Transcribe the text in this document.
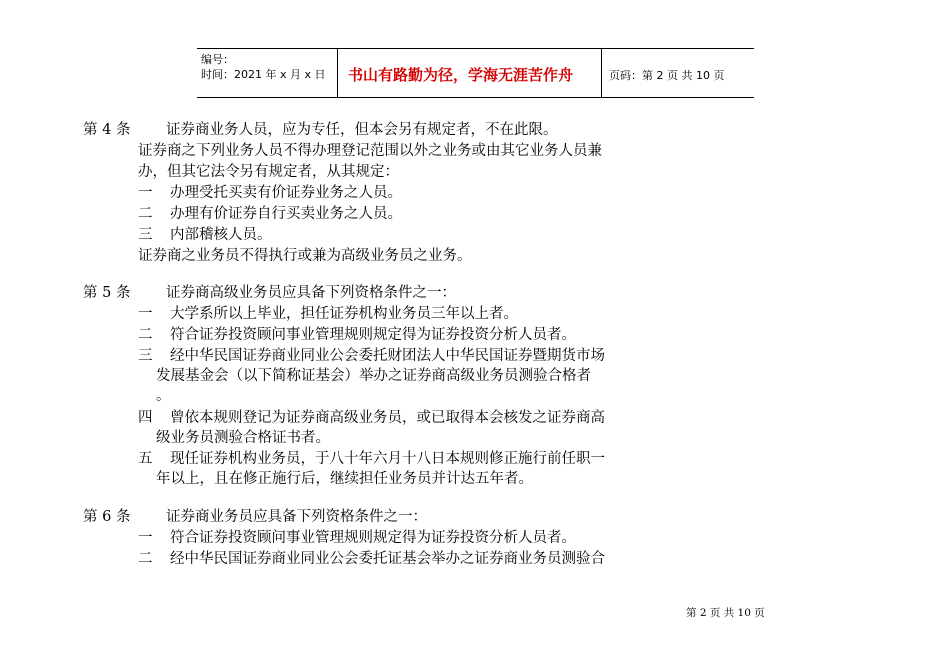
编号：
时间：2021 年 x 月 x 日 书山有路勤为径，学海无涯苦作舟	页码：第 2 页 共 10 页
第 4 条 证券商业务人员，应为专任，但本会另有规定者，不在此限。
证券商之下列业务人员不得办理登记范围以外之业务或由其它业务人员兼
办，但其它法令另有规定者，从其规定：
一 办理受托买卖有价证券业务之人员。
二 办理有价证券自行买卖业务之人员。
三 内部稽核人员。
证券商之业务员不得执行或兼为高级业务员之业务。
第 5 条 证券商高级业务员应具备下列资格条件之一：
一 大学系所以上毕业，担任证券机构业务员三年以上者。
二 符合证券投资顾问事业管理规则规定得为证券投资分析人员者。
三 经中华民国证券商业同业公会委托财团法人中华民国证券暨期货市场
发展基金会（以下简称证基会）举办之证券商高级业务员测验合格者
。
四 曾依本规则登记为证券商高级业务员，或已取得本会核发之证券商高
级业务员测验合格证书者。
五 现任证券机构业务员，于八十年六月十八日本规则修正施行前任职一
年以上，且在修正施行后，继续担任业务员并计达五年者。
第 6 条 证券商业务员应具备下列资格条件之一：
一 符合证券投资顾问事业管理规则规定得为证券投资分析人员者。
二 经中华民国证券商业同业公会委托证基会举办之证券商业务员测验合
第 2 页 共 10 页
